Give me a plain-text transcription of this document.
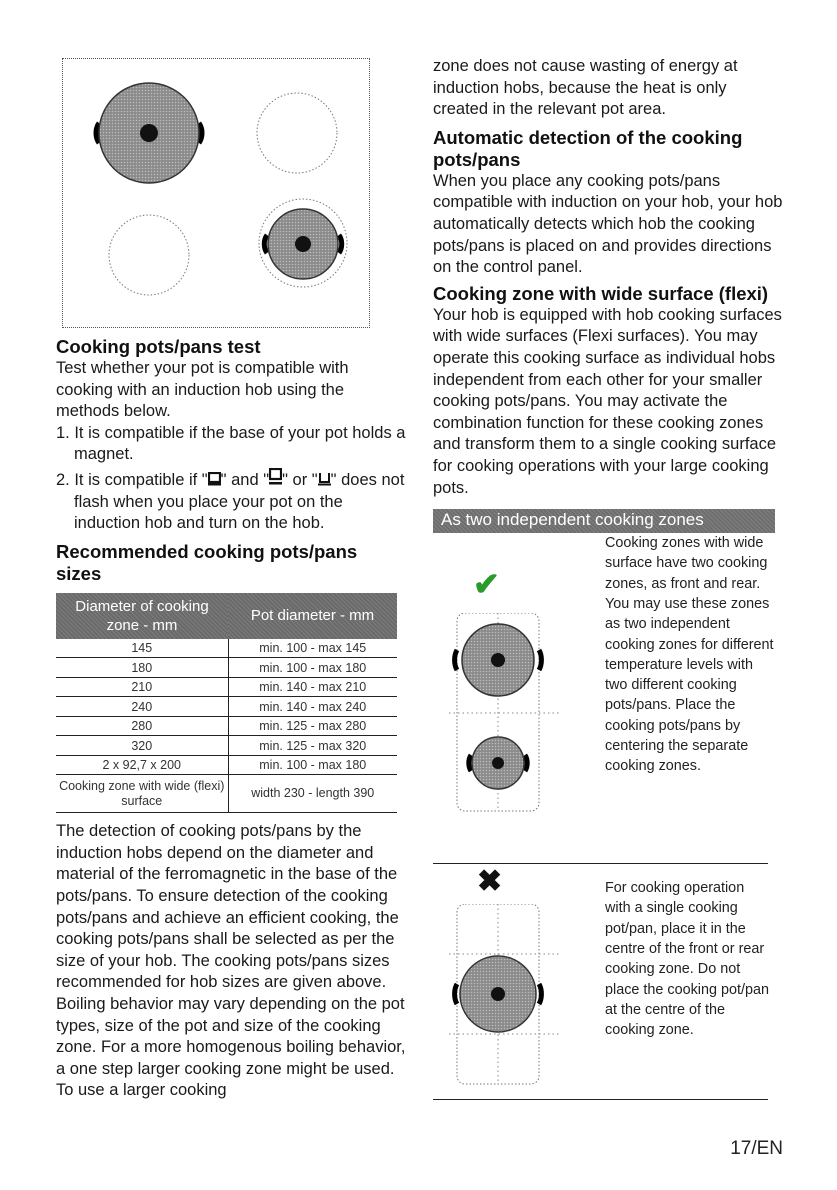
Cooking pots/pans test

Test whether your pot is compatible with cooking with an induction hob using the methods below.

1. It is compatible if the base of your pot holds a magnet.
2. It is compatible if " " and " " or " " does not flash when you place your pot on the induction hob and turn on the hob.
Recommended cooking pots/pans sizes
Diameter of cooking zone - mm	Pot diameter - mm
145	min. 100 - max 145
180	min. 100 - max 180
210	min. 140 - max 210
240	min. 140 - max 240
280	min. 125 - max 280
320	min. 125 - max 320
2 x 92,7 x 200	min. 100 - max 180
Cooking zone with wide (flexi) surface	width 230 - length 390

The detection of cooking pots/pans by the induction hobs depend on the diameter and material of the ferromagnetic in the base of the pots/pans. To ensure detection of the cooking pots/pans and achieve an efficient cooking, the cooking pots/pans shall be selected as per the size of your hob. The cooking pots/pans sizes recommended for hob sizes are given above.

Boiling behavior may vary depending on the pot types, size of the pot and size of the cooking zone. For a more homogenous boiling behavior, a one step larger cooking zone might be used. To use a larger cooking

zone does not cause wasting of energy at induction hobs, because the heat is only created in the relevant pot area.

Automatic detection of the cooking pots/pans

When you place any cooking pots/pans compatible with induction on your hob, your hob automatically detects which hob the cooking pots/pans is placed on and provides directions on the control panel.

Cooking zone with wide surface (flexi)

Your hob is equipped with hob cooking surfaces with wide surfaces (Flexi surfaces). You may operate this cooking surface as individual hobs independent from each other for your smaller cooking pots/pans. You may activate the combination function for these cooking zones and transform them to a single cooking surface for cooking operations with your large cooking pots.

As two independent cooking zones
✔

Cooking zones with wide surface have two cooking zones, as front and rear. You may use these zones as two independent cooking zones for different temperature levels with two different cooking pots/pans. Place the cooking pots/pans by centering the separate cooking zones.

✖	For cooking operation with a single cooking pot/pan, place it in the centre of the front or rear cooking zone. Do not place the cooking pot/pan at the centre of the cooking zone.

17/EN
